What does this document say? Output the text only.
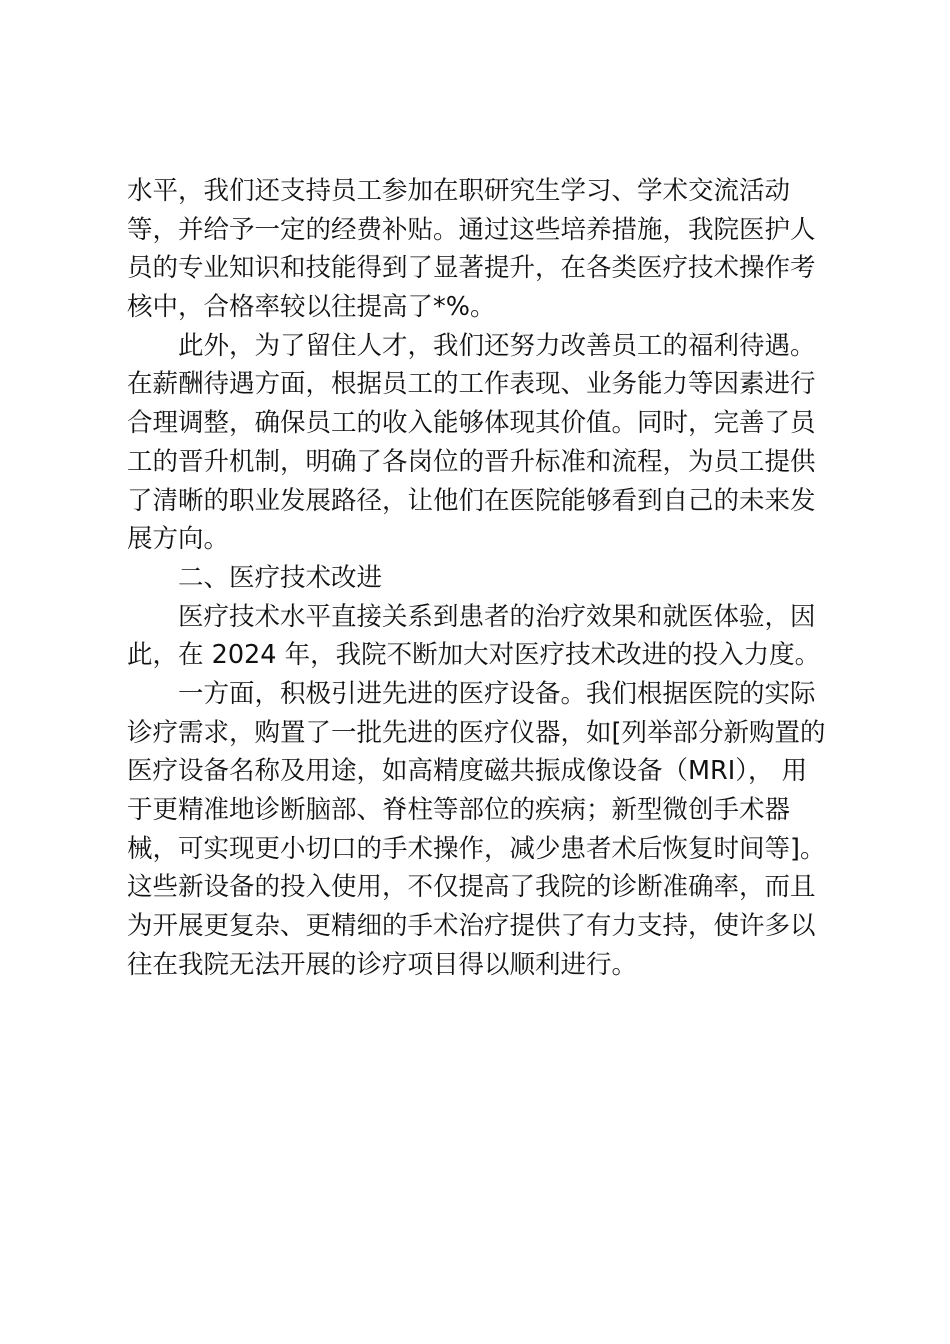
水平，我们还支持员工参加在职研究生学习、学术交流活动
等，并给予一定的经费补贴。通过这些培养措施，我院医护人
员的专业知识和技能得到了显著提升，在各类医疗技术操作考
核中，合格率较以往提高了*%。
此外，为了留住人才，我们还努力改善员工的福利待遇。
在薪酬待遇方面，根据员工的工作表现、业务能力等因素进行
合理调整，确保员工的收入能够体现其价值。同时，完善了员
工的晋升机制，明确了各岗位的晋升标准和流程，为员工提供
了清晰的职业发展路径，让他们在医院能够看到自己的未来发
展方向。
二、医疗技术改进
医疗技术水平直接关系到患者的治疗效果和就医体验，因
此，在 2024 年，我院不断加大对医疗技术改进的投入力度。
一方面，积极引进先进的医疗设备。我们根据医院的实际
诊疗需求，购置了一批先进的医疗仪器，如[列举部分新购置的
医疗设备名称及用途，如高精度磁共振成像设备（MRI）， 用
于更精准地诊断脑部、脊柱等部位的疾病；新型微创手术器
械，可实现更小切口的手术操作，减少患者术后恢复时间等]。
这些新设备的投入使用，不仅提高了我院的诊断准确率，而且
为开展更复杂、更精细的手术治疗提供了有力支持，使许多以
往在我院无法开展的诊疗项目得以顺利进行。
